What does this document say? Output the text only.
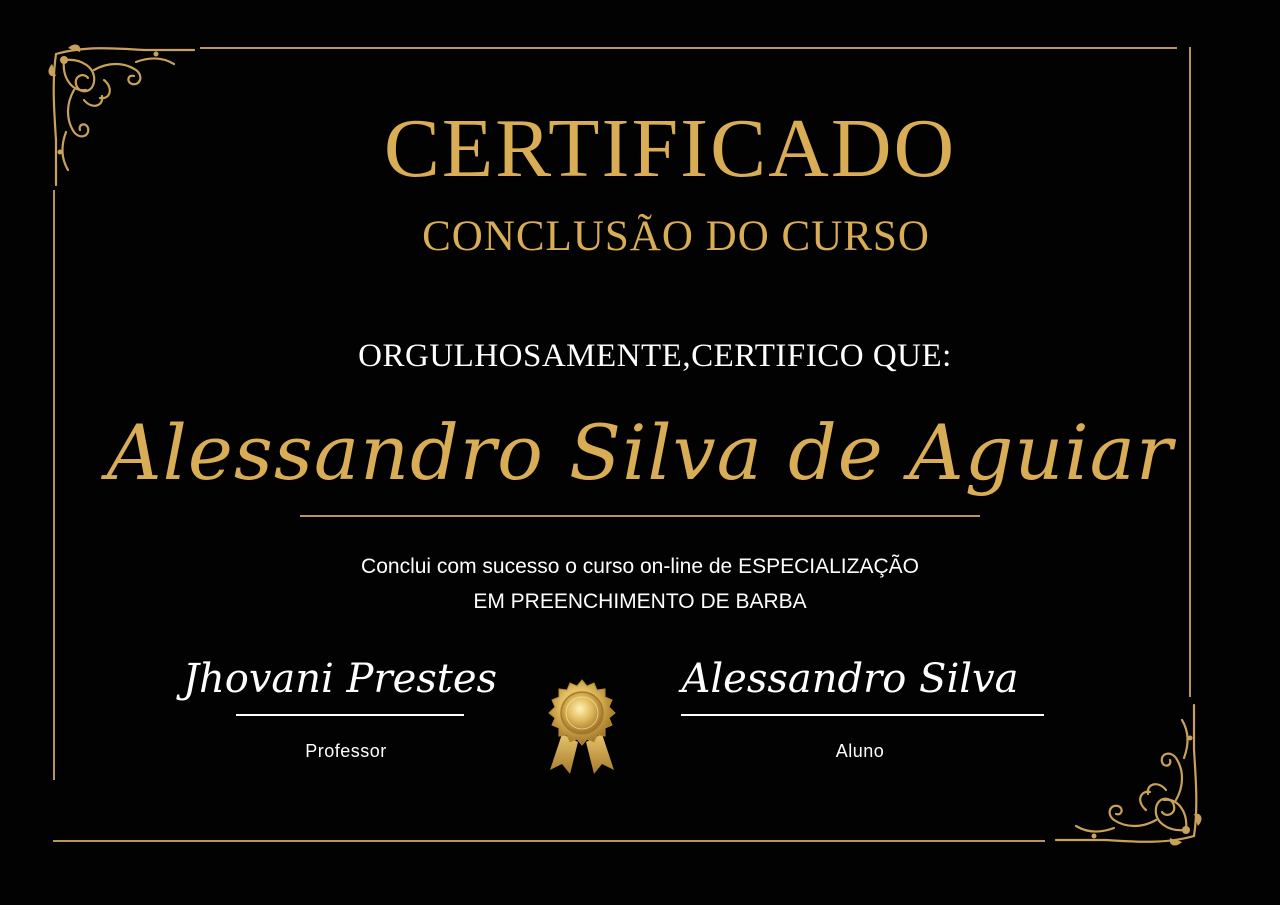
CERTIFICADO
CONCLUSÃO DO CURSO
ORGULHOSAMENTE,CERTIFICO QUE:
Alessandro Silva de Aguiar
Conclui com sucesso o curso on-line de ESPECIALIZAÇÃO
EM PREENCHIMENTO DE BARBA
Jhovani Prestes
Professor
Alessandro Silva
Aluno
